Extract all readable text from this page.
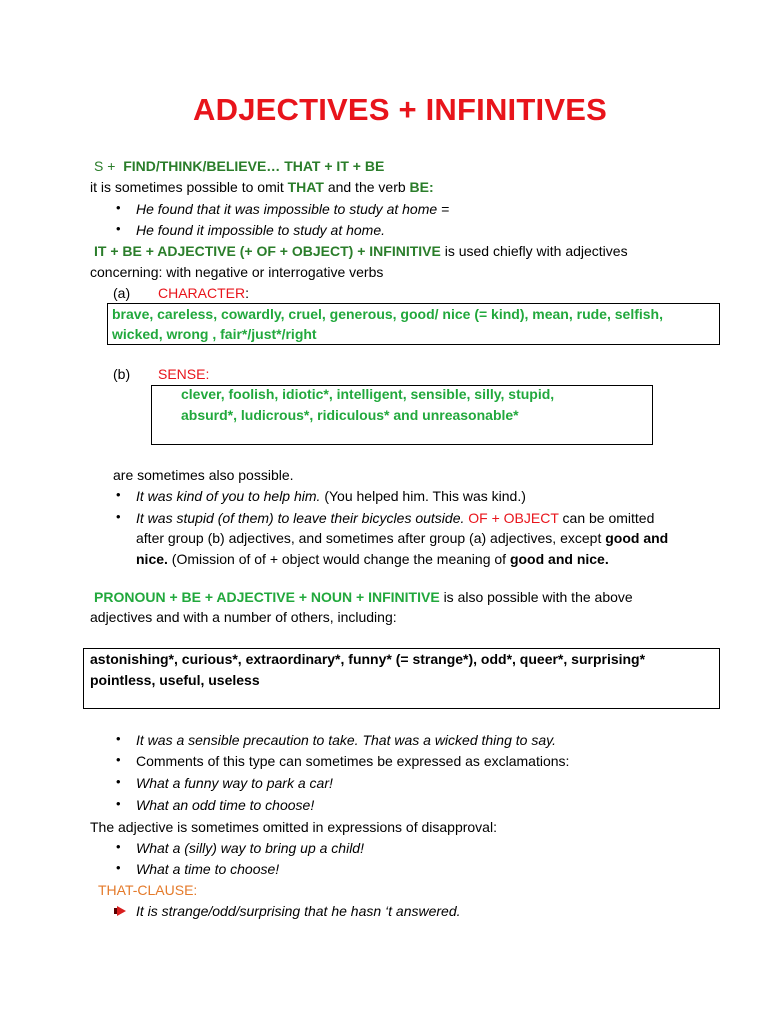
ADJECTIVES + INFINITIVES
S + FIND/THINK/BELIEVE… THAT + IT + BE
it is sometimes possible to omit THAT and the verb BE:
• He found that it was impossible to study at home =
• He found it impossible to study at home.
IT + BE + ADJECTIVE (+ OF + OBJECT) + INFINITIVE is used chiefly with adjectives
concerning: with negative or interrogative verbs
(a) CHARACTER:
brave, careless, cowardly, cruel, generous, good/ nice (= kind), mean, rude, selfish,
wicked, wrong , fair*/just*/right
(b) SENSE:
clever, foolish, idiotic*, intelligent, sensible, silly, stupid,
absurd*, ludicrous*, ridiculous* and unreasonable*
are sometimes also possible.
• It was kind of you to help him. (You helped him. This was kind.)
• It was stupid (of them) to leave their bicycles outside. OF + OBJECT can be omitted
after group (b) adjectives, and sometimes after group (a) adjectives, except good and
nice. (Omission of of + object would change the meaning of good and nice.
PRONOUN + BE + ADJECTIVE + NOUN + INFINITIVE is also possible with the above
adjectives and with a number of others, including:
astonishing*, curious*, extraordinary*, funny* (= strange*), odd*, queer*, surprising*
pointless, useful, useless
• It was a sensible precaution to take. That was a wicked thing to say.
• Comments of this type can sometimes be expressed as exclamations:
• What a funny way to park a car!
• What an odd time to choose!
The adjective is sometimes omitted in expressions of disapproval:
• What a (silly) way to bring up a child!
• What a time to choose!
THAT-CLAUSE:
It is strange/odd/surprising that he hasn ‘t answered.
